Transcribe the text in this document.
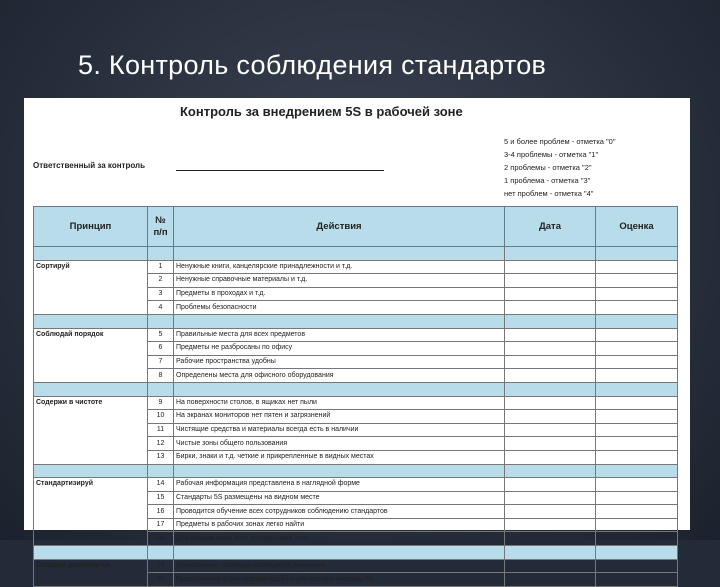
5. Контроль соблюдения стандартов
Контроль за внедрением 5S в рабочей зоне
Ответственный за контроль
5 и более проблем - отметка "0"
3-4 проблемы - отметка "1"
2 проблемы - отметка "2"
1 проблема - отметка "3"
нет проблем - отметка "4"
Принцип	№
п/п	Действия	Дата	Оценка

Сортируй	1	Ненужные книги, канцелярские принадлежности и т.д.		
	2	Ненужные справочные материалы и т.д.		
	3	Предметы в проходах и т.д.		
	4	Проблемы безопасности		

Соблюдай порядок	5	Правильные места для всех предметов		
	6	Предметы не разбросаны по офису		
	7	Рабочие пространства удобны		
	8	Определены места для офисного оборудования		

Содержи в чистоте	9	На поверхности столов, в ящиках нет пыли		
	10	На экранах мониторов нет пятен и загрязнений		
	11	Чистящие средства и материалы всегда есть в наличии		
	12	Чистые зоны общего пользования		
	13	Бирки, знаки и т.д. четкие и прикрепленные в видных местах		

Стандартизируй	14	Рабочая информация представлена в наглядной форме		
	15	Стандарты 5S размещены на видном месте		
	16	Проводится обучение всех сотрудников соблюдению стандартов		
	17	Предметы в рабочих зонах легко найти		
	18	Для каждой зоны есть контрольный лист		

Сохрани достигнутое	19	Контрольные проверки проводятся регулярно		
	20	Предложения и реализация идей по улучшению системы 5S		
